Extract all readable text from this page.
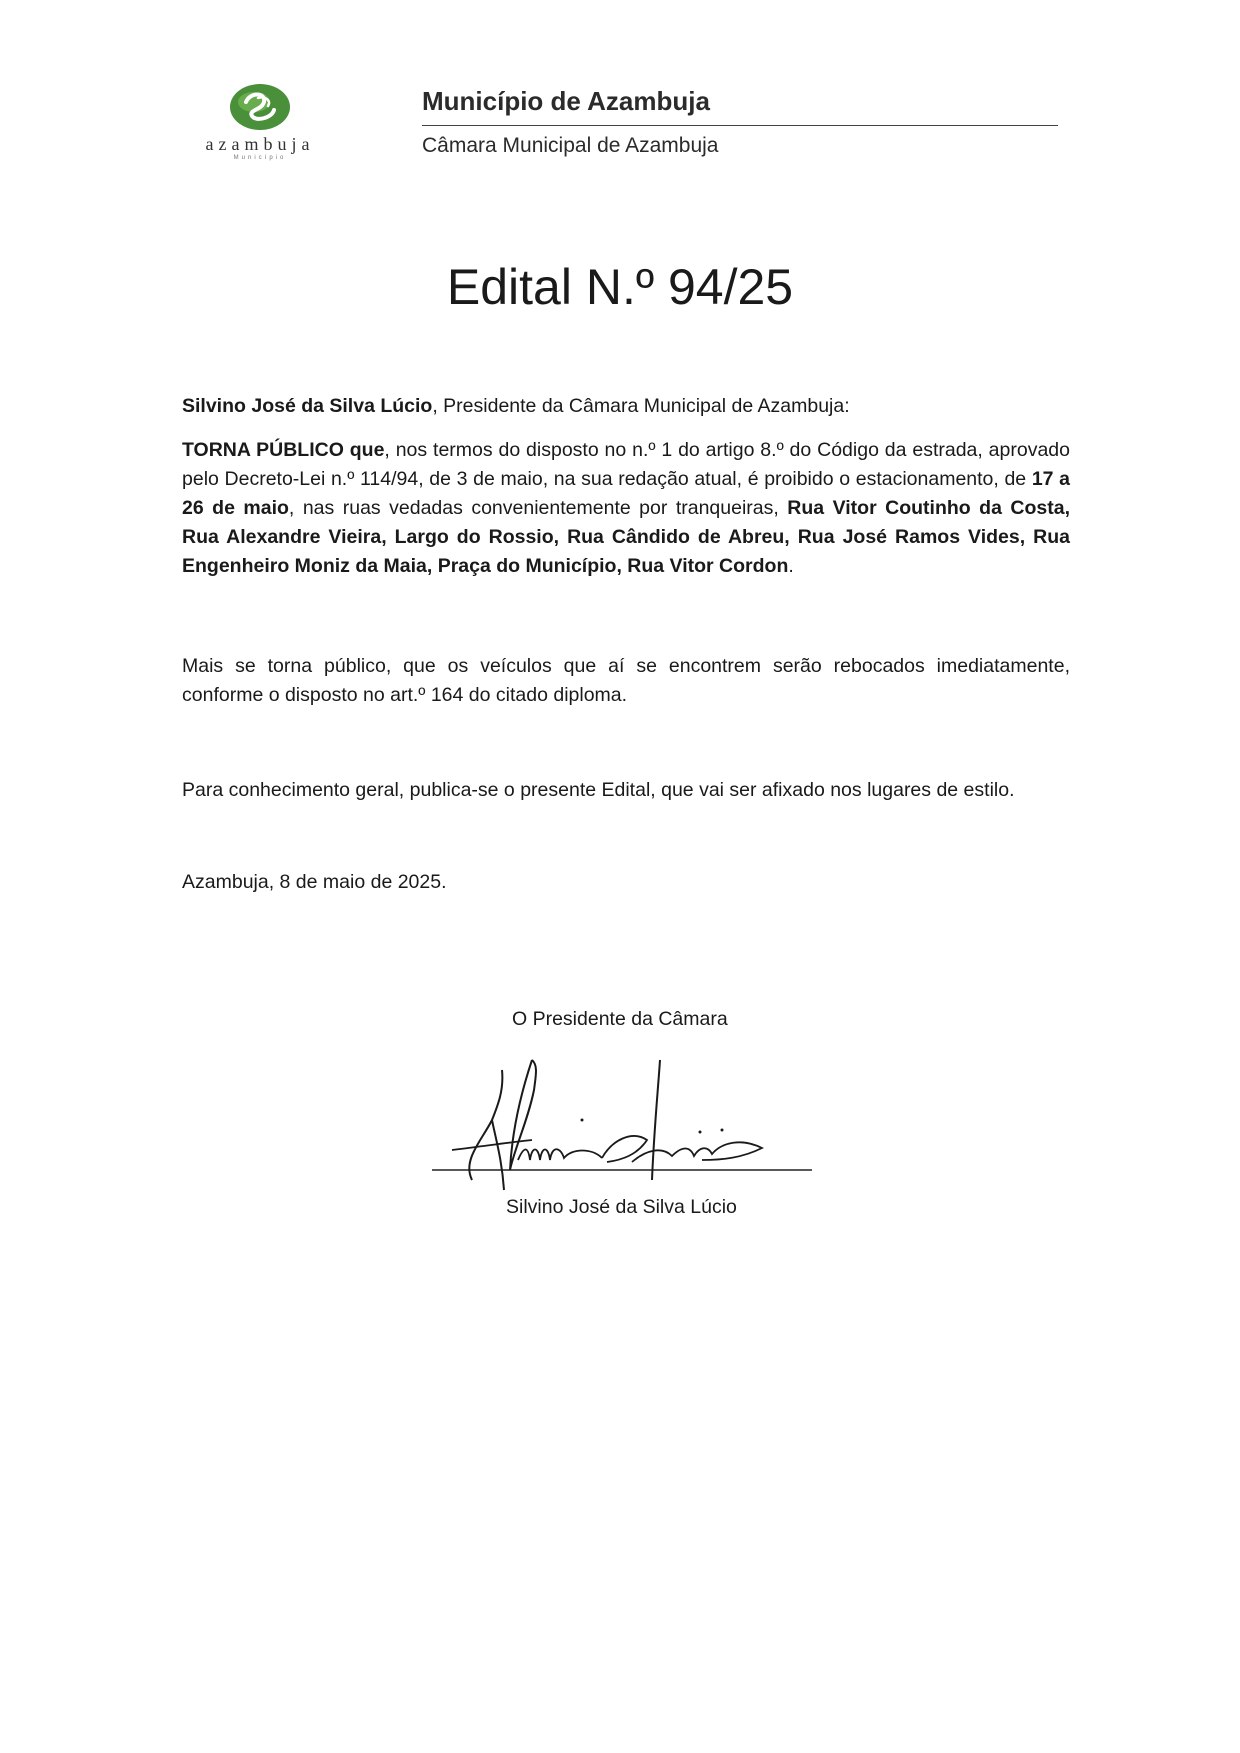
azambuja
Município
Município de Azambuja
Câmara Municipal de Azambuja
Edital N.º 94/25
Silvino José da Silva Lúcio, Presidente da Câmara Municipal de Azambuja:
TORNA PÚBLICO que, nos termos do disposto no n.º 1 do artigo 8.º do Código da estrada, aprovado pelo Decreto-Lei n.º 114/94, de 3 de maio, na sua redação atual, é proibido o estacionamento, de 17 a 26 de maio, nas ruas vedadas convenientemente por tranqueiras, Rua Vitor Coutinho da Costa, Rua Alexandre Vieira, Largo do Rossio, Rua Cândido de Abreu, Rua José Ramos Vides, Rua Engenheiro Moniz da Maia, Praça do Município, Rua Vitor Cordon.
Mais se torna público, que os veículos que aí se encontrem serão rebocados imediatamente, conforme o disposto no art.º 164 do citado diploma.
Para conhecimento geral, publica-se o presente Edital, que vai ser afixado nos lugares de estilo.
Azambuja, 8 de maio de 2025.
O Presidente da Câmara
Silvino José da Silva Lúcio
